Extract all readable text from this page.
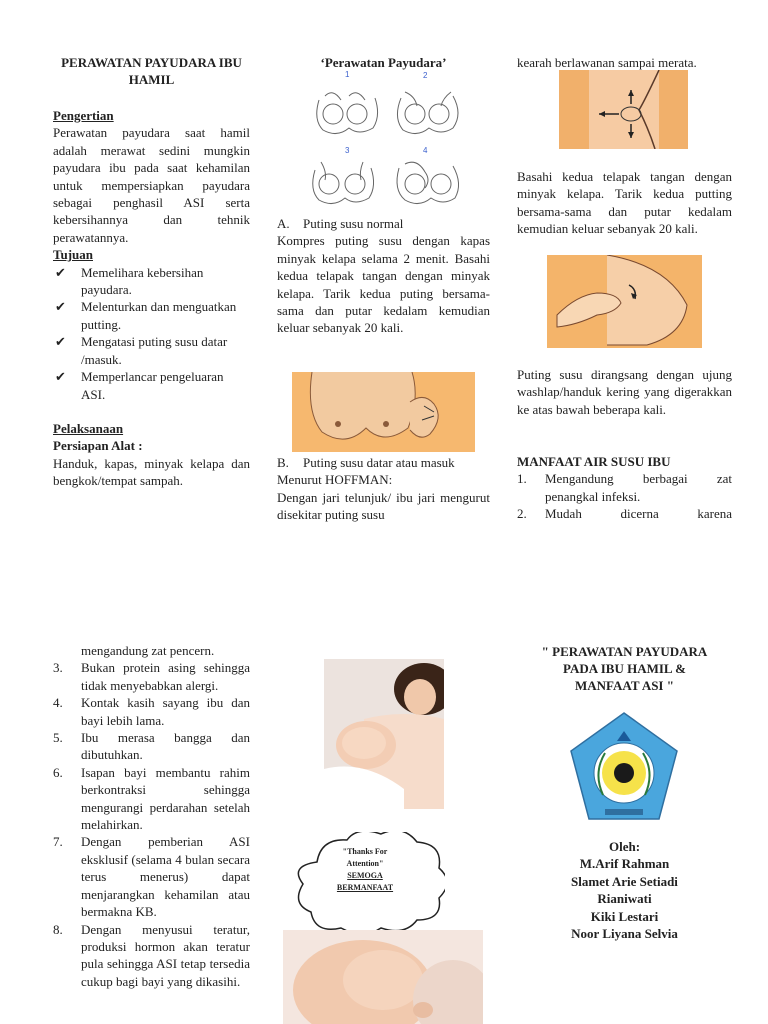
PERAWATAN PAYUDARA IBU HAMIL
Pengertian
Perawatan payudara saat hamil adalah merawat sedini mungkin payudara ibu pada saat kehamilan untuk mempersiapkan payudara sebagai penghasil ASI serta kebersihannya dan tehnik perawatannya.
Tujuan
✔ Memelihara kebersihan payudara.
✔ Melenturkan dan menguatkan putting.
✔ Mengatasi puting susu datar /masuk.
✔ Memperlancar pengeluaran ASI.
Pelaksanaan
Persiapan Alat :
Handuk, kapas, minyak kelapa dan bengkok/tempat sampah.
‘Perawatan Payudara’
1	2
3	4
A. Puting susu normal
Kompres puting susu dengan kapas minyak kelapa selama 2 menit. Basahi kedua telapak tangan dengan minyak kelapa. Tarik kedua puting bersama-sama dan putar kedalam kemudian keluar sebanyak 20 kali.
B. Puting susu datar atau masuk
Menurut HOFFMAN:
Dengan jari telunjuk/ ibu jari mengurut disekitar puting susu
kearah berlawanan sampai merata.
Basahi kedua telapak tangan dengan minyak kelapa. Tarik kedua putting bersama-sama dan putar kedalam kemudian keluar sebanyak 20 kali.
Puting susu dirangsang dengan ujung washlap/handuk kering yang digerakkan ke atas bawah beberapa kali.
MANFAAT AIR SUSU IBU
1. Mengandung berbagai zat penangkal infeksi.
2. Mudah dicerna karena
mengandung zat pencern.
3. Bukan protein asing sehingga tidak menyebabkan alergi.
4. Kontak kasih sayang ibu dan bayi lebih lama.
5. Ibu merasa bangga dan dibutuhkan.
6. Isapan bayi membantu rahim berkontraksi sehingga mengurangi perdarahan setelah melahirkan.
7. Dengan pemberian ASI eksklusif (selama 4 bulan secara terus menerus) dapat menjarangkan kehamilan atau bermakna KB.
8. Dengan menyusui teratur, produksi hormon akan teratur pula sehingga ASI tetap tersedia cukup bagi bayi yang dikasihi.
"Thanks For
Attention"
SEMOGA
BERMANFAAT
" PERAWATAN PAYUDARA
PADA IBU HAMIL &
MANFAAT ASI "
Oleh:
M.Arif Rahman
Slamet Arie Setiadi
Rianiwati
Kiki Lestari
Noor Liyana Selvia
